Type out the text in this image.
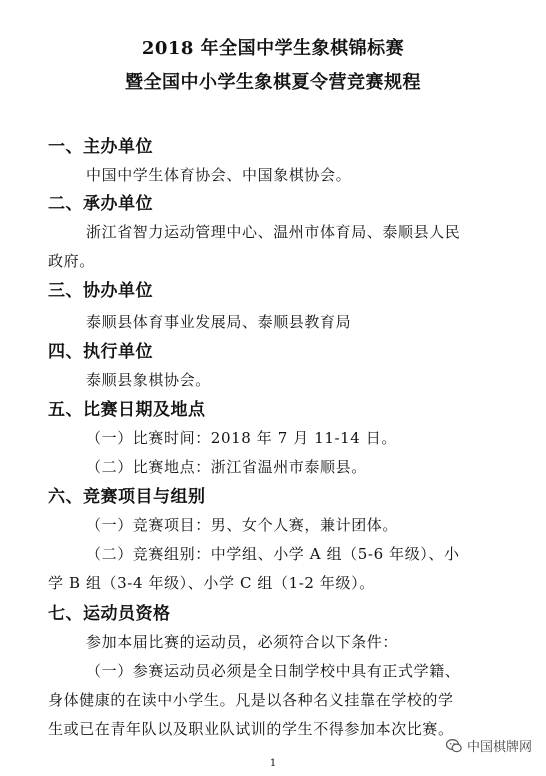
2018 年全国中学生象棋锦标赛
暨全国中小学生象棋夏令营竞赛规程
一、主办单位
中国中学生体育协会、中国象棋协会。
二、承办单位
浙江省智力运动管理中心、温州市体育局、泰顺县人民
政府。
三、协办单位
泰顺县体育事业发展局、泰顺县教育局
四、执行单位
泰顺县象棋协会。
五、比赛日期及地点
（一）比赛时间：2018 年 7 月 11-14 日。
（二）比赛地点：浙江省温州市泰顺县。
六、竞赛项目与组别
（一）竞赛项目：男、女个人赛，兼计团体。
（二）竞赛组别：中学组、小学 A 组（5-6 年级）、小
学 B 组（3-4 年级）、小学 C 组（1-2 年级）。
七、运动员资格
参加本届比赛的运动员，必须符合以下条件：
（一）参赛运动员必须是全日制学校中具有正式学籍、
身体健康的在读中小学生。凡是以各种名义挂靠在学校的学
生或已在青年队以及职业队试训的学生不得参加本次比赛。
中国棋牌网
1
